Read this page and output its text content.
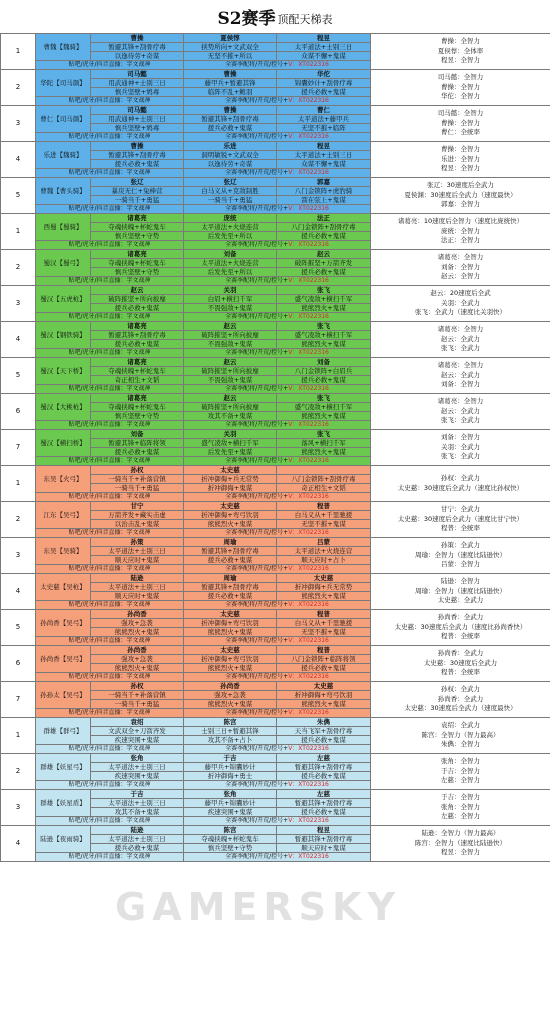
S2赛季 顶配天梯表
1	曹魏【魏骑】	曹操	夏侯惇	程昱	曹操：全智力
夏侯惇：全体率
程昱：全智力

		暂避其锋+刮骨疗毒	挟势所向+文武双全	太平道法+士别三日	
		以逸待劳+奇谋	无坚不摧+所以	众谋不懈+鬼谋	
	贴吧/虎牙/抖音直播：字文战神		全赛季配将/开荒/控号+V：XT022316		
2	华陀【司马颜】	司马懿	曹操	华佗	司马懿：全智力
曹操：全智力
华佗：全智力

		用武通神+士别三日	藤甲兵+暂避其锋	锦囊妙计+刮骨疗毒	
		慎兵坚壁+鸩毒	临阵不乱+鲍羽	援兵必救+鬼谋	
	贴吧/虎牙/抖音直播：字文战神		全赛季配将/开荒/控号+V：XT022316		
3	曹仁【司马颜】	司马懿	曹操	曹仁	司马懿：全智力
曹操：全智力
曹仁：全统率

		用武通神+士别三日	暂避其锋+刮骨疗毒	太平道法+藤甲兵	
		慎兵坚壁+鸩毒	援兵必救+鬼谋	无坚不摧+临阵	
	贴吧/虎牙/抖音直播：字文战神		全赛季配将/开荒/控号+V：XT022316		
4	乐进【魏骑】	曹操	乐进	程昱	曹操：全智力
乐进：全智力
程昱：全智力

		暂避其锋+刮骨疗毒	洞明敏锐+文武双全	太平道法+士别三日	
		援兵必救+鬼谋	以逸待劳+奇谋	众谋不懈+鬼谋	
	贴吧/虎牙/抖音直播：字文战神		全赛季配将/开荒/控号+V：XT022316		
5	曹魏【曹头骑】	张辽	张辽	郭嘉	张辽：30速度后全武力
夏侯渊：30速度后全武力（速度最快）
郭嘉：全智力

		暴戾无仁+兔棒营	白马义从+克敌制胜	八门金锁阵+虎豹骑	
		一骑当千+勇猛	一骑当千+勇猛	箭在弦上+鬼谋	
	贴吧/虎牙/抖音直播：字文战神		全赛季配将/开荒/控号+V：XT022316		
1	西蜀【蜀骑】	诸葛亮	庞统	法正	诸葛亮：10速度后全智力（速度比庞统快）
庞统：全智力
法正：全智力

		夺魂挟魄+杯蛇鬼车	太平道法+火烧连营	八门金锁阵+刮骨疗毒	
		慎兵坚壁+守势	后发先至+所以	援兵必救+鬼谋	
	贴吧/虎牙/抖音直播：字文战神		全赛季配将/开荒/控号+V：XT022316		
2	蜀汉【蜀弓】	诸葛亮	刘备	赵云	诸葛亮：全智力
刘备：全智力
赵云：全智力

		夺魂挟魄+杯蛇鬼车	太平道法+火烧连营	破阵摧坚+万箭齐发	
		慎兵坚壁+守势	后发先至+所以	援兵必救+鬼谋	
	贴吧/虎牙/抖音直播：字文战神		全赛季配将/开荒/控号+V：XT022316		
3	蜀汉【五虎枪】	赵云	关羽	张飞	赵云：20速度后全武
关羽：全武力
张飞：全武力（速度比关羽快）

		破阵摧坚+所向披靡	白眉+横扫千军	盛气凌敌+横扫千军	
		援兵必救+鬼谋	不畏强敌+鬼谋	熊熊烈火+鬼谋	
	贴吧/虎牙/抖音直播：字文战神		全赛季配将/开荒/控号+V：XT022316		
4	蜀汉【钢铁骑】	诸葛亮	赵云	张飞	诸葛亮：全智力
赵云：全武力
张飞：全武力

		暂避其锋+刮骨疗毒	破阵摧坚+所向披靡	盛气凌敌+横扫千军	
		援兵必救+鬼谋	不畏强敌+鬼谋	熊熊烈火+鬼谋	
	贴吧/虎牙/抖音直播：字文战神		全赛季配将/开荒/控号+V：XT022316		
5	蜀汉【天下桥】	诸葛亮	赵云	刘备	诸葛亮：全智力
赵云：全武力
刘备：全智力

		夺魂挟魄+杯蛇鬼车	破阵摧坚+所向披靡	八门金锁阵+白眉兵	
		奇正相生+文韬	不畏强敌+鬼谋	援兵必救+鬼谋	
	贴吧/虎牙/抖音直播：字文战神		全赛季配将/开荒/控号+V：XT022316		
6	蜀汉【大桃枪】	诸葛亮	赵云	张飞	诸葛亮：全智力
赵云：全武力
张飞：全武力

		夺魂挟魄+杯蛇鬼车	破阵摧坚+所向披靡	盛气凌敌+横扫千军	
		慎兵坚壁+守势	攻其不备+鬼谋	熊熊烈火+鬼谋	
	贴吧/虎牙/抖音直播：字文战神		全赛季配将/开荒/控号+V：XT022316		
7	蜀汉【横扫桥】	刘备	关羽	张飞	刘备：全智力
关羽：全武力
张飞：全武力

		暂避其锋+临阵将领	盛气凌敌+横扫千军	落风+横扫千军	
		援兵必救+鬼谋	后发先至+鬼谋	熊熊烈火+鬼谋	
	贴吧/虎牙/抖音直播：字文战神		全赛季配将/开荒/控号+V：XT022316		
1	东吴【火弓】	孙权	太史慈		孙权：全武力
太史慈：30速度后全武力（速度比孙权快）

		一骑当千+补落营镇	折冲御侮+兵无常势	八门金锁阵+刮骨疗毒	
		一骑当千+勇猛	折冲御侮+鬼谋	奇正相生+文韬	
	贴吧/虎牙/抖音直播：字文战神		全赛季配将/开荒/控号+V：XT022316		
2	江东【吴弓】	甘宁	太史慈	程普	甘宁：全武力
太史慈：30速度后全武力（速度比甘宁快）
程普：全统率

		万箭齐发+藏实击虚	折冲御侮+弯弓饮羽	白马义从+千里驰援	
		以治击乱+鬼谋	熊熊烈火+鬼谋	无坚不摧+鬼谋	
	贴吧/虎牙/抖音直播：字文战神		全赛季配将/开荒/控号+V：XT022316		
3	东吴【吴骑】	孙策	周瑜	吕蒙	孙策：全武力
周瑜：全智力（速度比陆逊快）
吕蒙：全智力

		太平道法+士别三日	暂避其锋+刮骨疗毒	太平道法+火烧连营	
		顺天应时+鬼谋	援兵必救+鬼谋	顺天应时+占卜	
	贴吧/虎牙/抖音直播：字文战神		全赛季配将/开荒/控号+V：XT022316		
4	太史慈【吴枪】	陆逊	周瑜	太史慈	陆逊：全智力
周瑜：全智力（速度比陆逊快）
太史慈：全武力

		太平道法+士别三日	暂避其锋+刮骨疗毒	折冲御侮+兵无常势	
		顺天应时+鬼谋	援兵必救+鬼谋	熊熊烈火+鬼谋	
	贴吧/虎牙/抖音直播：字文战神		全赛季配将/开荒/控号+V：XT022316		
5	孙尚香【吴弓】	孙尚香	太史慈	程普	孙尚香：全武力
太史慈：30速度后全武力（速度比孙尚香快）
程普：全统率

		强攻+急袭	折冲御侮+弯弓饮羽	白马义从+千里驰援	
		熊熊烈火+鬼谋	熊熊烈火+鬼谋	无坚不摧+鬼谋	
	贴吧/虎牙/抖音直播：字文战神		全赛季配将/开荒/控号+V：XT022316		
6	孙尚香【吴弓】	孙尚香	太史慈	程普	孙尚香：全武力
太史慈：30速度后全武力
程普：全统率

		强攻+急袭	折冲御侮+弯弓饮羽	八门金锁阵+临阵将领	
		熊熊烈火+鬼谋	熊熊烈火+鬼谋	援兵必救+鬼谋	
	贴吧/虎牙/抖音直播：字文战神		全赛季配将/开荒/控号+V：XT022316		
7	孙孙太【吴弓】	孙权	孙尚香	太史慈	孙权：全武力
孙尚香：全武力
太史慈：30速度后全武力（速度最快）

		一骑当千+补落营镇	强攻+急袭	折冲御侮+弯弓饮羽	
		一骑当千+勇猛	熊熊烈火+鬼谋	熊熊烈火+鬼谋	
	贴吧/虎牙/抖音直播：字文战神		全赛季配将/开荒/控号+V：XT022316		
1	群雄【群弓】	袁绍	陈宫	朱儁	袁绍：全武力
陈宫：全智力（智力最高）
朱儁：全智力

		文武双全+刀箭齐发	士别三日+暂避其锋	天当飞军+刮骨疗毒	
		疾速突围+鬼谋	攻其不备+占卜	援兵必救+鬼谋	
	贴吧/虎牙/抖音直播：字文战神		全赛季配将/开荒/控号+V：XT022316		
2	群雄【妖星弓】	张角	于吉	左慈	张角：全智力
于吉：全智力
左慈：全智力

		太平道法+士别三日	藤甲兵+锦囊妙计	暂避其锋+刮骨疗毒	
		疾速突围+鬼谋	折冲御侮+勇士	援兵必救+鬼谋	
	贴吧/虎牙/抖音直播：字文战神		全赛季配将/开荒/控号+V：XT022316		
3	群雄【妖星盾】	于吉	张角	左慈	于吉：全智力
张角：全智力
左慈：全智力

		太平道法+士别三日	藤甲兵+锦囊妙计	暂避其锋+刮骨疗毒	
		攻其不备+鬼谋	疾速突围+鬼谋	援兵必救+鬼谋	
	贴吧/虎牙/抖音直播：字文战神		全赛季配将/开荒/控号+V：XT022316		
4	陆逊【夜雨骑】	陆逊	陈宫	程昱	陆逊：全智力（智力最高）
陈宫：全智力（速度比陆逊快）
程昱：全智力

		太平道法+士别三日	夺魂挟魄+杯蛇鬼车	暂避其锋+刮骨疗毒	
		援兵必救+鬼谋	慎兵坚壁+守势	顺天应时+鬼谋	
	贴吧/虎牙/抖音直播：字文战神		全赛季配将/开荒/控号+V：XT022316		
GAMERSKY
